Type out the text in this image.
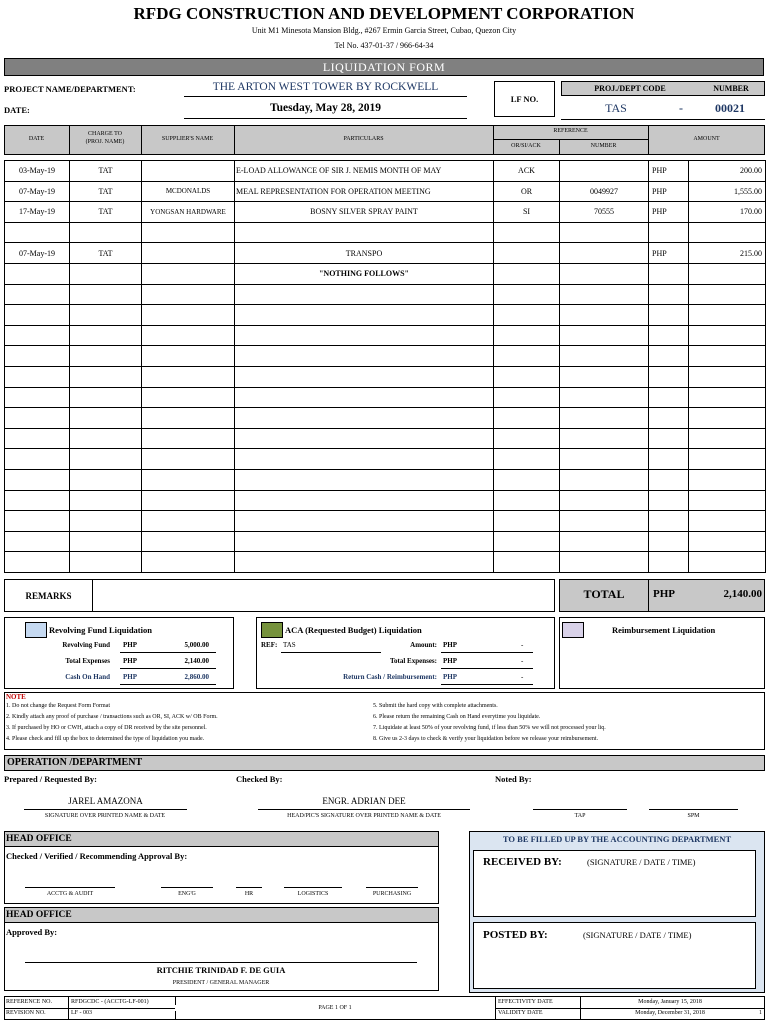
RFDG CONSTRUCTION AND DEVELOPMENT CORPORATION
Unit M1 Minesota Mansion Bldg., #267 Ermin Garcia Street, Cubao, Quezon City
Tel No. 437-01-37 / 966-64-34
LIQUIDATION FORM
PROJECT NAME/DEPARTMENT:	THE ARTON WEST TOWER BY ROCKWELL
DATE:	Tuesday, May 28, 2019
LF NO.
PROJ./DEPT CODE	NUMBER
TAS	-	00021
DATE
CHARGE TO
(PROJ. NAME)	SUPPLIER'S NAME	PARTICULARS
REFERENCE
OR/SI/ACK	NUMBER
AMOUNT
03-May-19	TAT		E-LOAD ALLOWANCE OF SIR J. NEMIS MONTH OF MAY	ACK		PHP	200.00
07-May-19	TAT	MCDONALDS	MEAL REPRESENTATION FOR OPERATION MEETING	OR	0049927	PHP	1,555.00
17-May-19	TAT	YONGSAN HARDWARE	BOSNY SILVER SPRAY PAINT	SI	70555	PHP	170.00

07-May-19	TAT		TRANSPO			PHP	215.00
			"NOTHING FOLLOWS"				

REMARKS	TOTAL	PHP	2,140.00
Revolving Fund Liquidation
Revolving Fund PHP	5,000.00
Total Expenses PHP	2,140.00
Cash On Hand PHP	2,860.00
ACA (Requested Budget) Liquidation
REF: TAS	Amount: PHP	-
Total Expenses: PHP	-
Return Cash / Reimbursement: PHP	-
Reimbursement Liquidation
NOTE
1. Do not change the Request Form Format
2. Kindly attach any proof of purchase / transactions such as OR, SI, ACK w/ OB Form.
3. If purchased by HO or CWH, attach a copy of DR received by the site personnel.
4. Please check and fill up the box to determined the type of liquidation you made.
5. Submit the hard copy with complete attachments.
6. Please return the remaining Cash on Hand everytime you liquidate.
7. Liquidate at least 50% of your revolving fund, if less than 50% we will not processed your liq.
8. Give us 2-3 days to check & verify your liquidation before we release your reimbursement.
OPERATION /DEPARTMENT
Prepared / Requested By:	Checked By:	Noted By:
JAREL AMAZONA
SIGNATURE OVER PRINTED NAME & DATE
ENGR. ADRIAN DEE
HEAD/PIC'S SIGNATURE OVER PRINTED NAME & DATE	TAP	SPM
HEAD OFFICE
Checked / Verified / Recommending Approval By:
ACCTG & AUDIT	ENG'G	HR	LOGISTICS	PURCHASING
HEAD OFFICE
Approved By:
RITCHIE TRINIDAD F. DE GUIA
PRESIDENT / GENERAL MANAGER
TO BE FILLED UP BY THE ACCOUNTING DEPARTMENT
RECEIVED BY:	(SIGNATURE / DATE / TIME)
POSTED BY:	(SIGNATURE / DATE / TIME)
REFERENCE NO.	RFDGCDC - (ACCTG-LF-001)
REVISION NO.	LF - 003
PAGE 1 OF 1
EFFECTIVITY DATE	Monday, January 15, 2018
VALIDITY DATE	Monday, December 31, 2018	1
